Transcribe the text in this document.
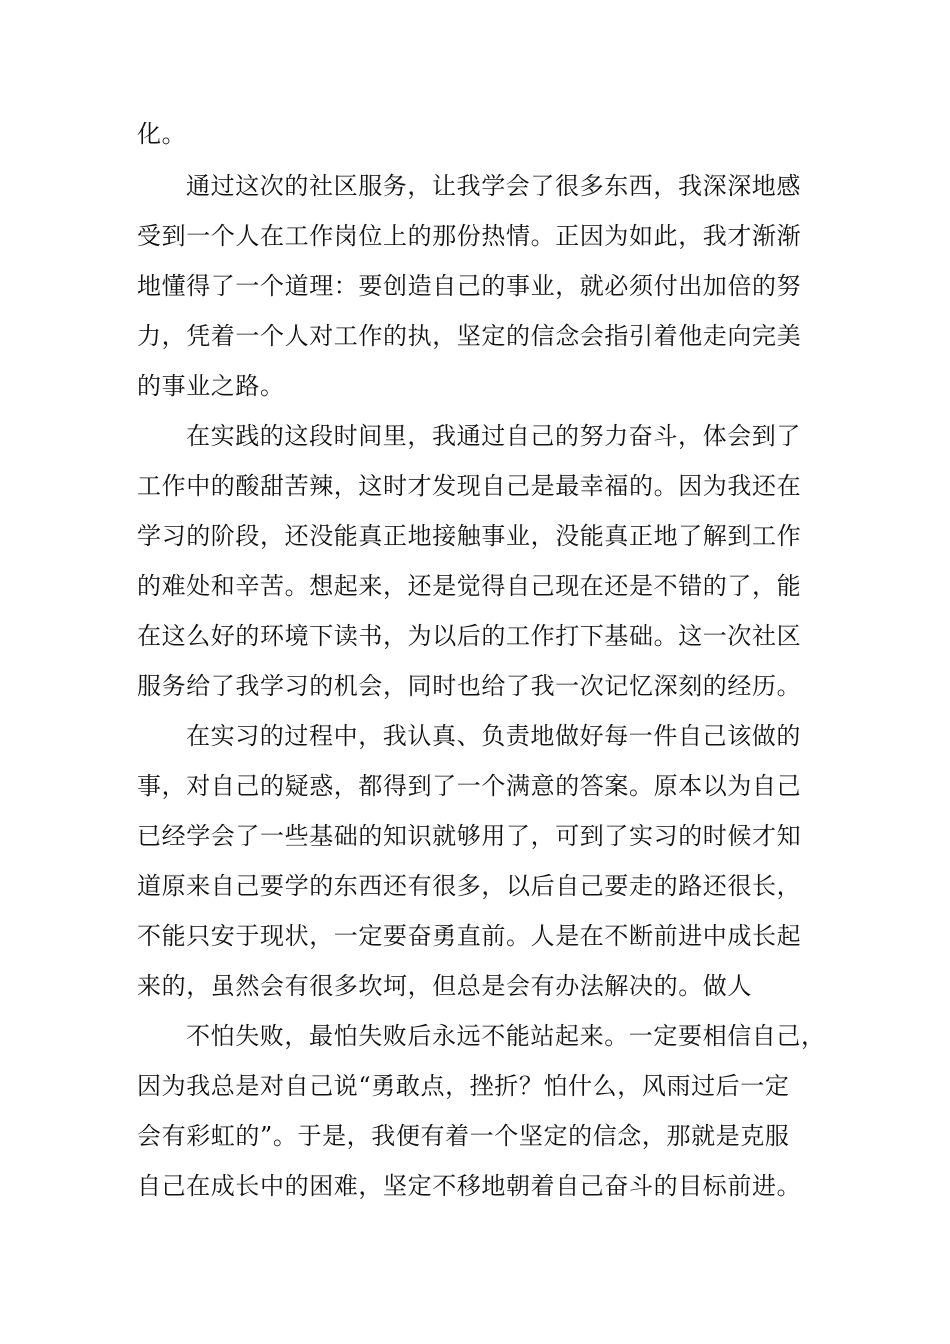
化。
通过这次的社区服务，让我学会了很多东西，我深深地感
受到一个人在工作岗位上的那份热情。正因为如此，我才渐渐
地懂得了一个道理：要创造自己的事业，就必须付出加倍的努
力，凭着一个人对工作的执，坚定的信念会指引着他走向完美
的事业之路。
在实践的这段时间里，我通过自己的努力奋斗，体会到了
工作中的酸甜苦辣，这时才发现自己是最幸福的。因为我还在
学习的阶段，还没能真正地接触事业，没能真正地了解到工作
的难处和辛苦。想起来，还是觉得自己现在还是不错的了，能
在这么好的环境下读书，为以后的工作打下基础。这一次社区
服务给了我学习的机会，同时也给了我一次记忆深刻的经历。
在实习的过程中，我认真、负责地做好每一件自己该做的
事，对自己的疑惑，都得到了一个满意的答案。原本以为自己
已经学会了一些基础的知识就够用了，可到了实习的时候才知
道原来自己要学的东西还有很多，以后自己要走的路还很长，
不能只安于现状，一定要奋勇直前。人是在不断前进中成长起
来的，虽然会有很多坎坷，但总是会有办法解决的。做人
不怕失败，最怕失败后永远不能站起来。一定要相信自己，
因为我总是对自己说“勇敢点，挫折？怕什么，风雨过后一定
会有彩虹的”。于是，我便有着一个坚定的信念，那就是克服
自己在成长中的困难，坚定不移地朝着自己奋斗的目标前进。
